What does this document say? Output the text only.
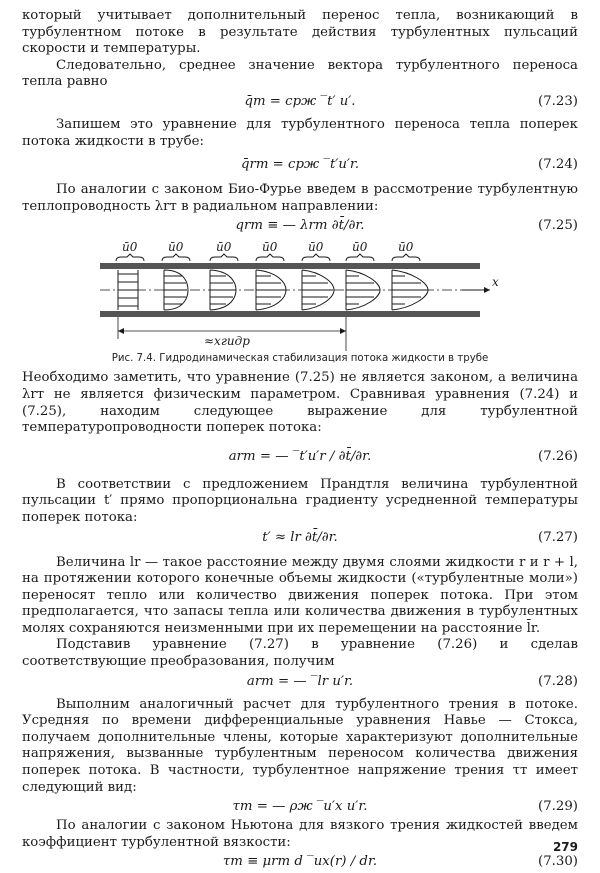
который учитывает дополнительный перенос тепла, возникающий в турбулентном потоке в результате действия турбулентных пульсаций скорости и температуры.

Следовательно, среднее значение вектора турбулентного переноса тепла равно

q̄т = cpж ‾t′ u′.	(7.23)

Запишем это уравнение для турбулентного переноса тепла поперек потока жидкости в трубе:

q̄rт = cpж ‾t′u′r.	(7.24)

По аналогии с законом Био-Фурье введем в рассмотрение турбулентную теплопроводность λrт в радиальном направлении:

qrт ≡ — λrт ∂t̄/∂r.	(7.25)
ū0	ū0	ū0	ū0	ū0 ū0	ū0
x
≈xгидр
Рис. 7.4. Гидродинамическая стабилизация потока жидкости в трубе

Необходимо заметить, что уравнение (7.25) не является законом, а величина λrт не является физическим параметром. Сравнивая уравнения (7.24) и (7.25), находим следующее выражение для турбулентной температуропроводности поперек потока:

arт = — ‾t′u′r / ∂t̄/∂r.	(7.26)

В соответствии с предложением Прандтля величина турбулентной пульсации t′ прямо пропорциональна градиенту усредненной температуры поперек потока:

t′ ≈ lr ∂t̄/∂r.	(7.27)

Величина lr — такое расстояние между двумя слоями жидкости r и r + l, на протяжении которого конечные объемы жидкости («турбулентные моли») переносят тепло или количество движения поперек потока. При этом предполагается, что запасы тепла или количества движения в турбулентных молях сохраняются неизменными при их перемещении на расстояние l̄r.

Подставив уравнение (7.27) в уравнение (7.26) и сделав соответствующие преобразования, получим

arт = — ‾lr u′r.	(7.28)

Выполним аналогичный расчет для турбулентного трения в потоке. Усредняя по времени дифференциальные уравнения Навье — Стокса, получаем дополнительные члены, которые характеризуют дополнительные напряжения, вызванные турбулентным переносом количества движения поперек потока. В частности, турбулентное напряжение трения τт имеет следующий вид:

τт = — ρж ‾u′x u′r.	(7.29)

По аналогии с законом Ньютона для вязкого трения жидкостей введем коэффициент турбулентной вязкости:

τт ≡ μrт d ‾ux(r) / dr.	(7.30)
279
